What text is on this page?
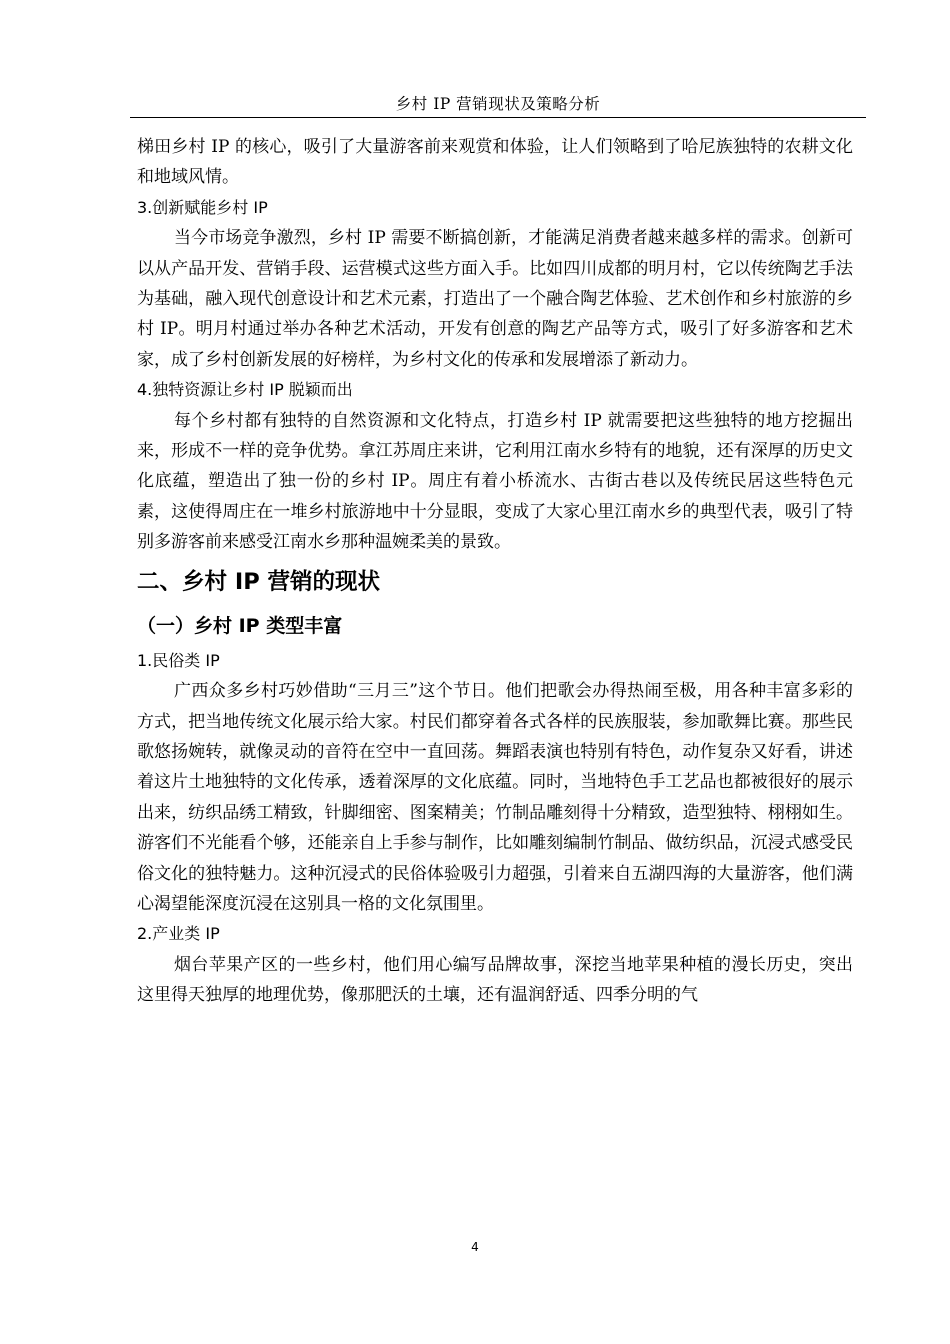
乡村 IP 营销现状及策略分析

梯田乡村 IP 的核心，吸引了大量游客前来观赏和体验，让人们领略到了哈尼族独特的农耕文化和地域风情。

3.创新赋能乡村 IP

当今市场竞争激烈，乡村 IP 需要不断搞创新，才能满足消费者越来越多样的需求。创新可以从产品开发、营销手段、运营模式这些方面入手。比如四川成都的明月村，它以传统陶艺手法为基础，融入现代创意设计和艺术元素，打造出了一个融合陶艺体验、艺术创作和乡村旅游的乡村 IP。明月村通过举办各种艺术活动，开发有创意的陶艺产品等方式，吸引了好多游客和艺术家，成了乡村创新发展的好榜样，为乡村文化的传承和发展增添了新动力。

4.独特资源让乡村 IP 脱颖而出

每个乡村都有独特的自然资源和文化特点，打造乡村 IP 就需要把这些独特的地方挖掘出来，形成不一样的竞争优势。拿江苏周庄来讲，它利用江南水乡特有的地貌，还有深厚的历史文化底蕴，塑造出了独一份的乡村 IP。周庄有着小桥流水、古街古巷以及传统民居这些特色元素，这使得周庄在一堆乡村旅游地中十分显眼，变成了大家心里江南水乡的典型代表，吸引了特别多游客前来感受江南水乡那种温婉柔美的景致。

二、乡村 IP 营销的现状
（一）乡村 IP 类型丰富

1.民俗类 IP

广西众多乡村巧妙借助“三月三”这个节日。他们把歌会办得热闹至极，用各种丰富多彩的方式，把当地传统文化展示给大家。村民们都穿着各式各样的民族服装，参加歌舞比赛。那些民歌悠扬婉转，就像灵动的音符在空中一直回荡。舞蹈表演也特别有特色，动作复杂又好看，讲述着这片土地独特的文化传承，透着深厚的文化底蕴。同时，当地特色手工艺品也都被很好的展示出来，纺织品绣工精致，针脚细密、图案精美；竹制品雕刻得十分精致，造型独特、栩栩如生。游客们不光能看个够，还能亲自上手参与制作，比如雕刻编制竹制品、做纺织品，沉浸式感受民俗文化的独特魅力。这种沉浸式的民俗体验吸引力超强，引着来自五湖四海的大量游客，他们满心渴望能深度沉浸在这别具一格的文化氛围里。

2.产业类 IP

烟台苹果产区的一些乡村，他们用心编写品牌故事，深挖当地苹果种植的漫长历史，突出这里得天独厚的地理优势，像那肥沃的土壤，还有温润舒适、四季分明的气

4
